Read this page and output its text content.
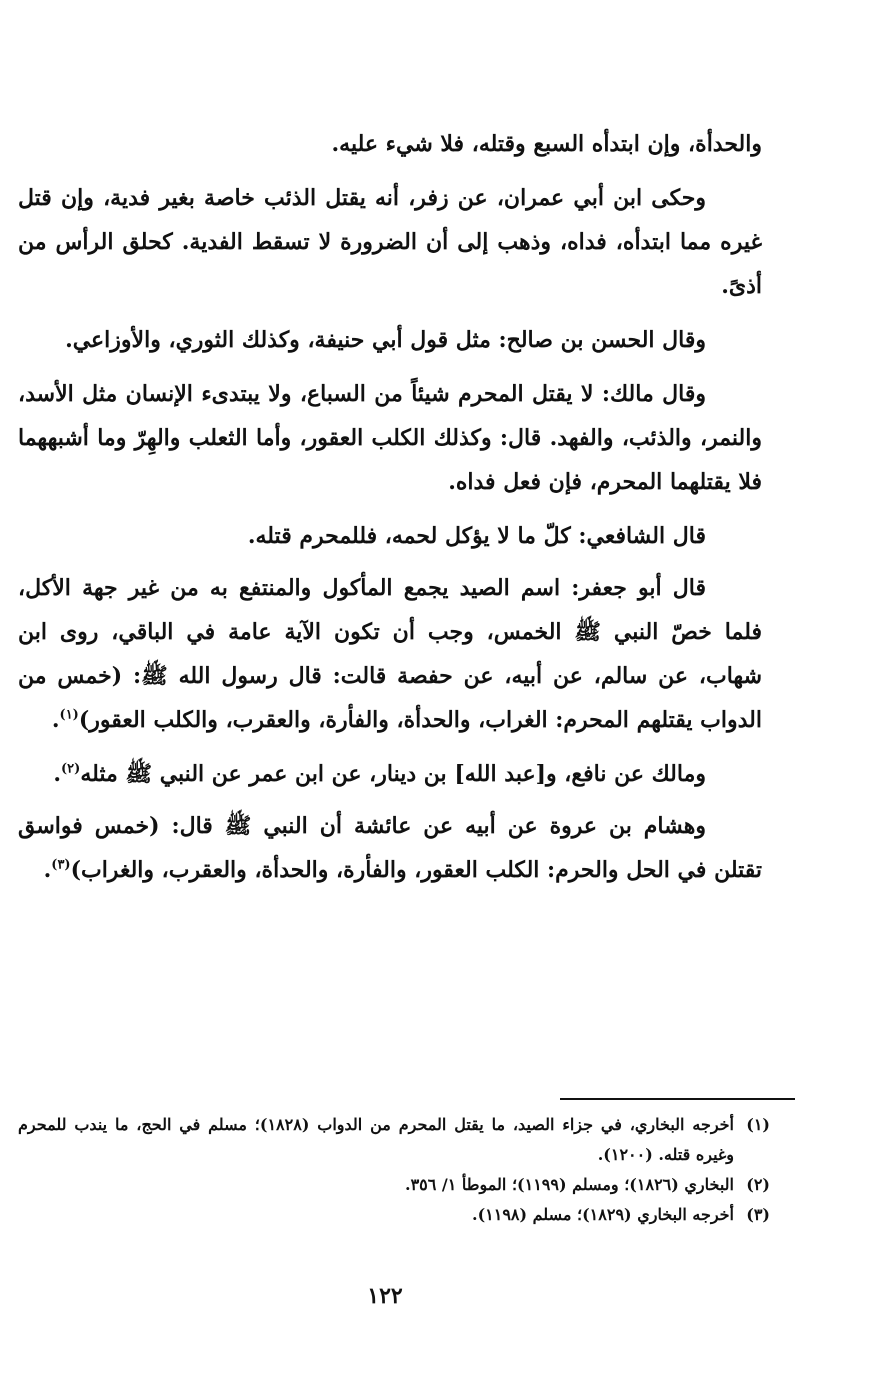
والحدأة، وإن ابتدأه السبع وقتله، فلا شيء عليه.

وحكى ابن أبي عمران، عن زفر، أنه يقتل الذئب خاصة بغير فدية، وإن قتل غيره مما ابتدأه، فداه، وذهب إلى أن الضرورة لا تسقط الفدية. كحلق الرأس من أذىً.

وقال الحسن بن صالح: مثل قول أبي حنيفة، وكذلك الثوري، والأوزاعي.

وقال مالك: لا يقتل المحرم شيئاً من السباع، ولا يبتدىء الإنسان مثل الأسد، والنمر، والذئب، والفهد. قال: وكذلك الكلب العقور، وأما الثعلب والهِرّ وما أشبههما فلا يقتلهما المحرم، فإن فعل فداه.

قال الشافعي: كلّ ما لا يؤكل لحمه، فللمحرم قتله.

قال أبو جعفر: اسم الصيد يجمع المأكول والمنتفع به من غير جهة الأكل، فلما خصّ النبي ﷺ الخمس، وجب أن تكون الآية عامة في الباقي، روى ابن شهاب، عن سالم، عن أبيه، عن حفصة قالت: قال رسول الله ﷺ: (خمس من الدواب يقتلهم المحرم: الغراب، والحدأة، والفأرة، والعقرب، والكلب العقور)$^{(١)}$.

ومالك عن نافع، و[عبد الله] بن دينار، عن ابن عمر عن النبي ﷺ مثله$^{(٢)}$.

وهشام بن عروة عن أبيه عن عائشة أن النبي ﷺ قال: (خمس فواسق تقتلن في الحل والحرم: الكلب العقور، والفأرة، والحدأة، والعقرب، والغراب)$^{(٣)}$.

(١)
أخرجه البخاري، في جزاء الصيد، ما يقتل المحرم من الدواب (١٨٢٨)؛ مسلم في الحج، ما يندب للمحرم وغيره قتله. (١٢٠٠).
(٢)
البخاري (١٨٢٦)؛ ومسلم (١١٩٩)؛ الموطأ ١/ ٣٥٦.
(٣)
أخرجه البخاري (١٨٢٩)؛ مسلم (١١٩٨).
١٢٢
